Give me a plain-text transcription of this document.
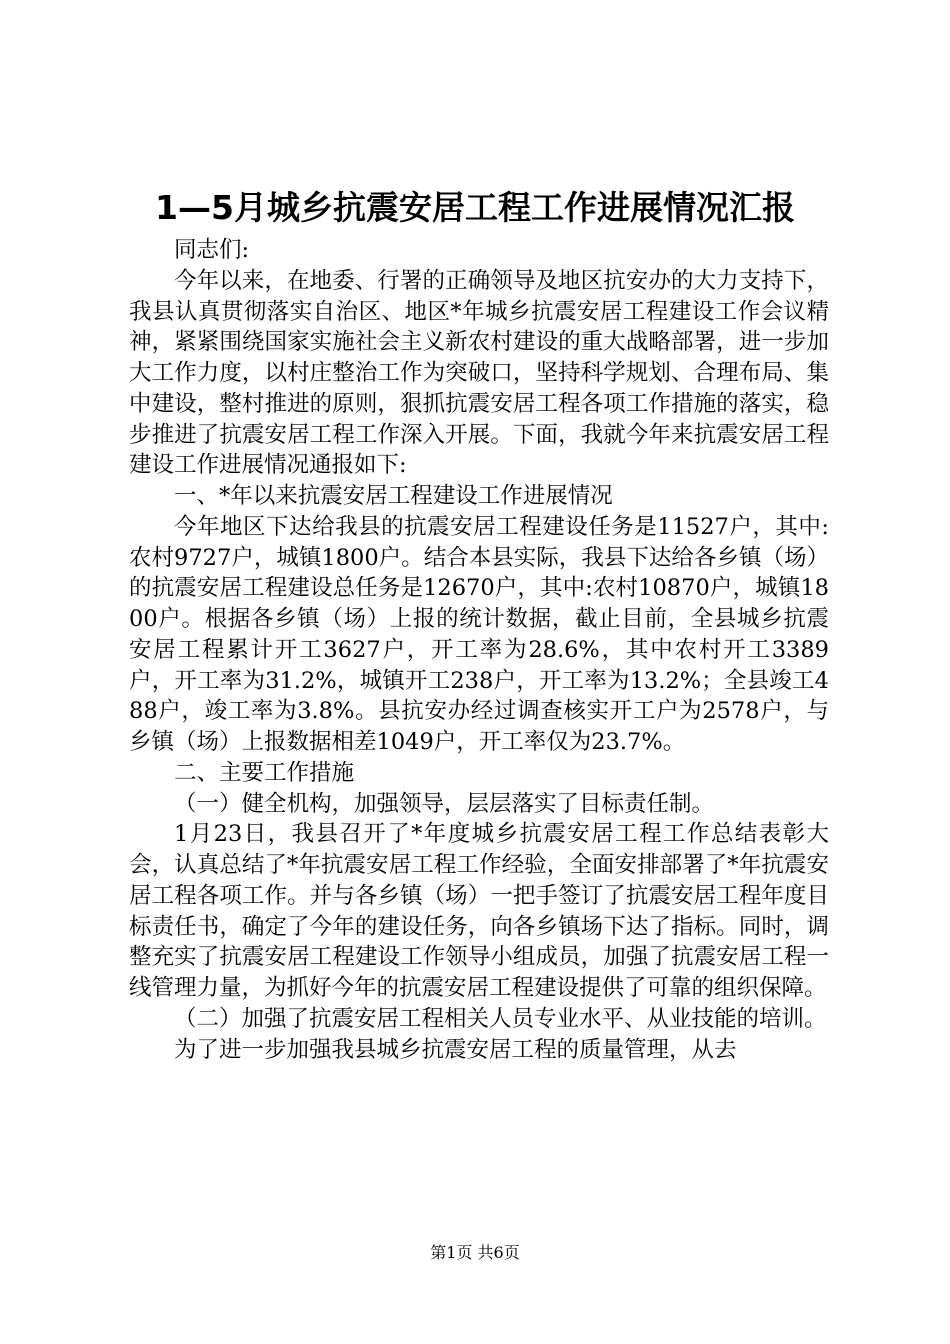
1—5月城乡抗震安居工程工作进展情况汇报

同志们:

今年以来，在地委、行署的正确领导及地区抗安办的大力支持下，我县认真贯彻落实自治区、地区*年城乡抗震安居工程建设工作会议精神，紧紧围绕国家实施社会主义新农村建设的重大战略部署，进一步加大工作力度，以村庄整治工作为突破口，坚持科学规划、合理布局、集中建设，整村推进的原则，狠抓抗震安居工程各项工作措施的落实，稳步推进了抗震安居工程工作深入开展。下面，我就今年来抗震安居工程建设工作进展情况通报如下:

一、*年以来抗震安居工程建设工作进展情况

今年地区下达给我县的抗震安居工程建设任务是11527户，其中:农村9727户，城镇1800户。结合本县实际，我县下达给各乡镇（场）的抗震安居工程建设总任务是12670户，其中:农村10870户，城镇1800户。根据各乡镇（场）上报的统计数据，截止目前，全县城乡抗震安居工程累计开工3627户，开工率为28.6%，其中农村开工3389户，开工率为31.2%，城镇开工238户，开工率为13.2%；全县竣工488户，竣工率为3.8%。县抗安办经过调查核实开工户为2578户，与乡镇（场）上报数据相差1049户，开工率仅为23.7%。

二、主要工作措施

（一）健全机构，加强领导，层层落实了目标责任制。

1月23日，我县召开了*年度城乡抗震安居工程工作总结表彰大会，认真总结了*年抗震安居工程工作经验，全面安排部署了*年抗震安居工程各项工作。并与各乡镇（场）一把手签订了抗震安居工程年度目标责任书，确定了今年的建设任务，向各乡镇场下达了指标。同时，调整充实了抗震安居工程建设工作领导小组成员，加强了抗震安居工程一线管理力量，为抓好今年的抗震安居工程建设提供了可靠的组织保障。

（二）加强了抗震安居工程相关人员专业水平、从业技能的培训。

为了进一步加强我县城乡抗震安居工程的质量管理，从去

第1页 共6页
